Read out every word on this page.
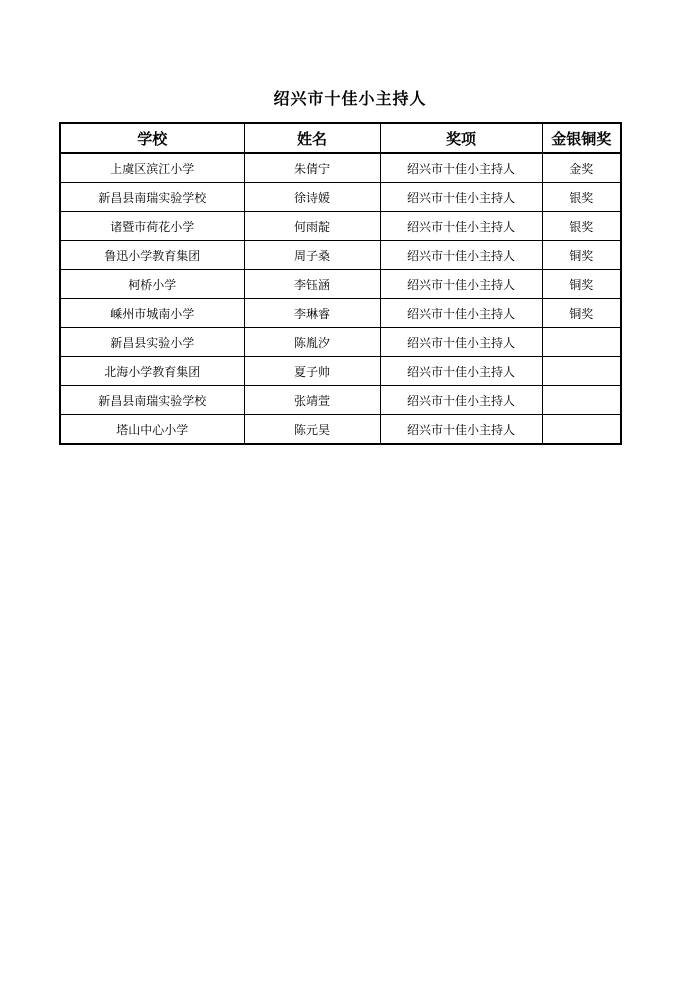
绍兴市十佳小主持人
学校	姓名	奖项	金银铜奖
上虞区滨江小学	朱倩宁	绍兴市十佳小主持人	金奖
新昌县南瑞实验学校	徐诗媛	绍兴市十佳小主持人	银奖
诸暨市荷花小学	何雨靛	绍兴市十佳小主持人	银奖
鲁迅小学教育集团	周子桑	绍兴市十佳小主持人	铜奖
柯桥小学	李钰涵	绍兴市十佳小主持人	铜奖
嵊州市城南小学	李琳睿	绍兴市十佳小主持人	铜奖
新昌县实验小学	陈胤汐	绍兴市十佳小主持人	
北海小学教育集团	夏子帅	绍兴市十佳小主持人	
新昌县南瑞实验学校	张靖萱	绍兴市十佳小主持人	
塔山中心小学	陈元昊	绍兴市十佳小主持人	
